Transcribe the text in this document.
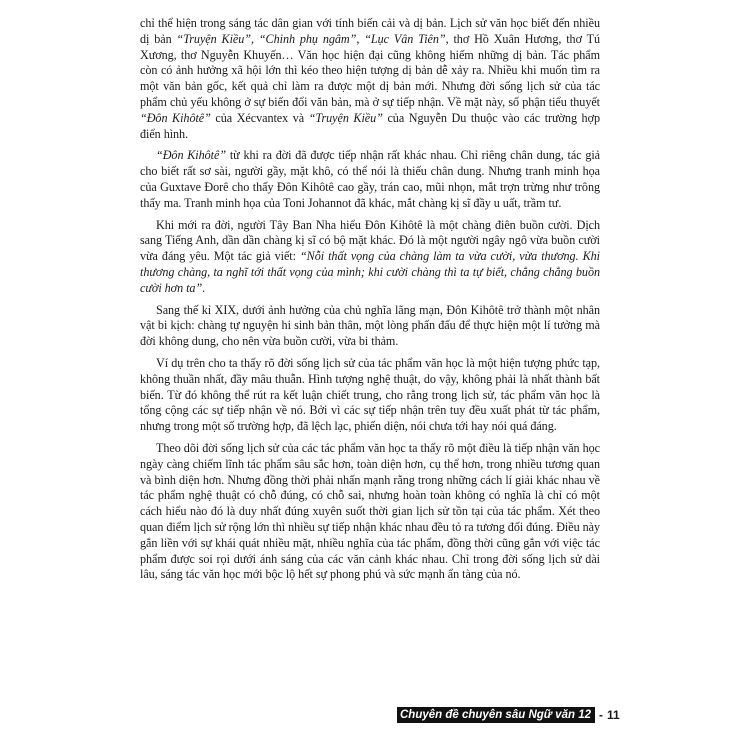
chỉ thể hiện trong sáng tác dân gian với tính biến cải và dị bản. Lịch sử văn học biết đến nhiều dị bản “Truyện Kiều”, “Chinh phụ ngâm”, “Lục Vân Tiên”, thơ Hồ Xuân Hương, thơ Tú Xương, thơ Nguyễn Khuyến… Văn học hiện đại cũng không hiếm những dị bản. Tác phẩm còn có ảnh hưởng xã hội lớn thì kéo theo hiện tượng dị bản dễ xảy ra. Nhiều khi muốn tìm ra một văn bản gốc, kết quả chỉ làm ra được một dị bản mới. Nhưng đời sống lịch sử của tác phẩm chủ yếu không ở sự biến đổi văn bản, mà ở sự tiếp nhận. Về mặt này, số phận tiểu thuyết “Đôn Kihôtê” của Xécvantex và “Truyện Kiều” của Nguyễn Du thuộc vào các trường hợp điển hình.

“Đôn Kihôtê” từ khi ra đời đã được tiếp nhận rất khác nhau. Chỉ riêng chân dung, tác giả cho biết rất sơ sài, người gầy, mặt khô, có thể nói là thiếu chân dung. Nhưng tranh minh họa của Guxtave Đorê cho thấy Đôn Kihôtê cao gầy, trán cao, mũi nhọn, mắt trợn trừng như trông thấy ma. Tranh minh họa của Toni Johannot đã khác, mắt chàng kị sĩ đầy u uất, trầm tư.

Khi mới ra đời, người Tây Ban Nha hiểu Đôn Kihôtê là một chàng điên buồn cười. Dịch sang Tiếng Anh, dần dần chàng kị sĩ có bộ mặt khác. Đó là một người ngây ngô vừa buồn cười vừa đáng yêu. Một tác giả viết: “Nỗi thất vọng của chàng làm ta vừa cười, vừa thương. Khi thương chàng, ta nghĩ tới thất vọng của mình; khi cười chàng thì ta tự biết, chẳng chẳng buồn cười hơn ta”.

Sang thế kỉ XIX, dưới ảnh hưởng của chủ nghĩa lãng mạn, Đôn Kihôtê trở thành một nhân vật bi kịch: chàng tự nguyện hi sinh bản thân, một lòng phấn đấu để thực hiện một lí tưởng mà đời không dung, cho nên vừa buồn cười, vừa bi thảm.

Ví dụ trên cho ta thấy rõ đời sống lịch sử của tác phẩm văn học là một hiện tượng phức tạp, không thuần nhất, đầy mâu thuẫn. Hình tượng nghệ thuật, do vậy, không phải là nhất thành bất biến. Từ đó không thể rút ra kết luận chiết trung, cho rằng trong lịch sử, tác phẩm văn học là tổng cộng các sự tiếp nhận về nó. Bởi vì các sự tiếp nhận trên tuy đều xuất phát từ tác phẩm, nhưng trong một số trường hợp, đã lệch lạc, phiến diện, nói chưa tới hay nói quá đáng.

Theo dõi đời sống lịch sử của các tác phẩm văn học ta thấy rõ một điều là tiếp nhận văn học ngày càng chiếm lĩnh tác phẩm sâu sắc hơn, toàn diện hơn, cụ thể hơn, trong nhiều tương quan và bình diện hơn. Nhưng đồng thời phải nhấn mạnh rằng trong những cách lí giải khác nhau về tác phẩm nghệ thuật có chỗ đúng, có chỗ sai, nhưng hoàn toàn không có nghĩa là chỉ có một cách hiểu nào đó là duy nhất đúng xuyên suốt thời gian lịch sử tồn tại của tác phẩm. Xét theo quan điểm lịch sử rộng lớn thì nhiều sự tiếp nhận khác nhau đều tỏ ra tương đối đúng. Điều này gắn liền với sự khái quát nhiều mặt, nhiều nghĩa của tác phẩm, đồng thời cũng gắn với việc tác phẩm được soi rọi dưới ánh sáng của các văn cảnh khác nhau. Chỉ trong đời sống lịch sử dài lâu, sáng tác văn học mới bộc lộ hết sự phong phú và sức mạnh ẩn tàng của nó.

Chuyên đề chuyên sâu Ngữ văn 12 - 11
